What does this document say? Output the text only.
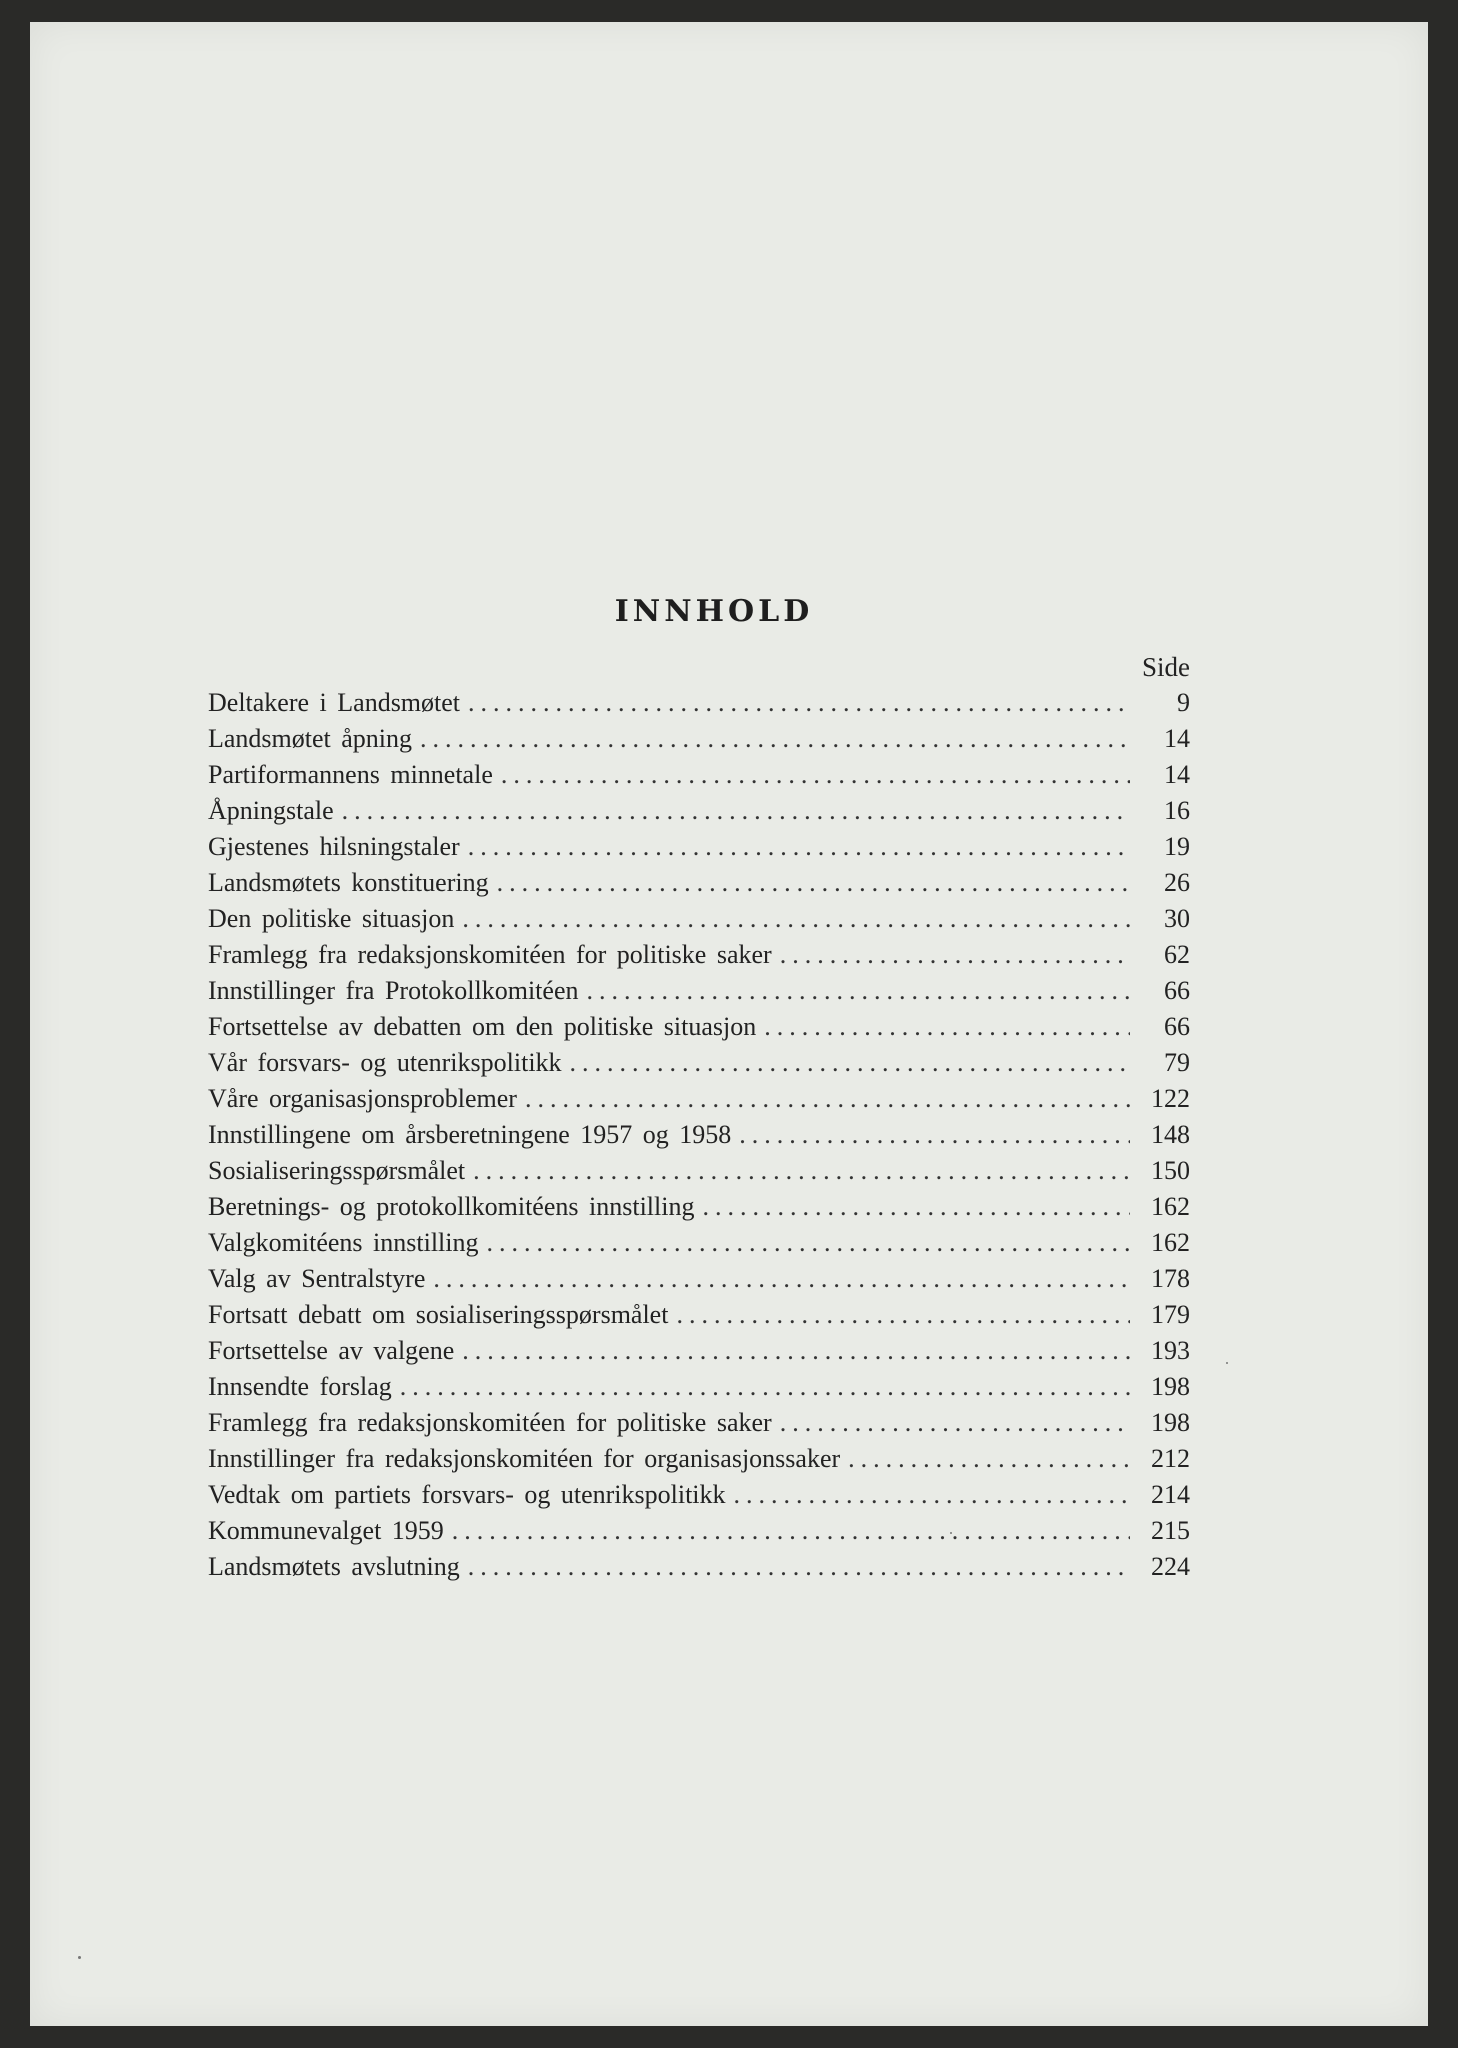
INNHOLD
Side
Deltakere i Landsmøtet .....	9
Landsmøtet åpning .....	14
Partiformannens minnetale .....	14
Åpningstale .....	16
Gjestenes hilsningstaler .....	19
Landsmøtets konstituering .....	26
Den politiske situasjon .....	30
Framlegg fra redaksjonskomitéen for politiske saker .....	62
Innstillinger fra Protokollkomitéen .....	66
Fortsettelse av debatten om den politiske situasjon .....	66
Vår forsvars- og utenrikspolitikk .....	79
Våre organisasjonsproblemer .....	122
Innstillingene om årsberetningene 1957 og 1958 .....	148
Sosialiseringsspørsmålet .....	150
Beretnings- og protokollkomitéens innstilling .....	162
Valgkomitéens innstilling .....	162
Valg av Sentralstyre .....	178
Fortsatt debatt om sosialiseringsspørsmålet .....	179
Fortsettelse av valgene .....	193
Innsendte forslag .....	198
Framlegg fra redaksjonskomitéen for politiske saker .....	198
Innstillinger fra redaksjonskomitéen for organisasjonssaker .....	212
Vedtak om partiets forsvars- og utenrikspolitikk .....	214
Kommunevalget 1959 .....	215
Landsmøtets avslutning .....	224
